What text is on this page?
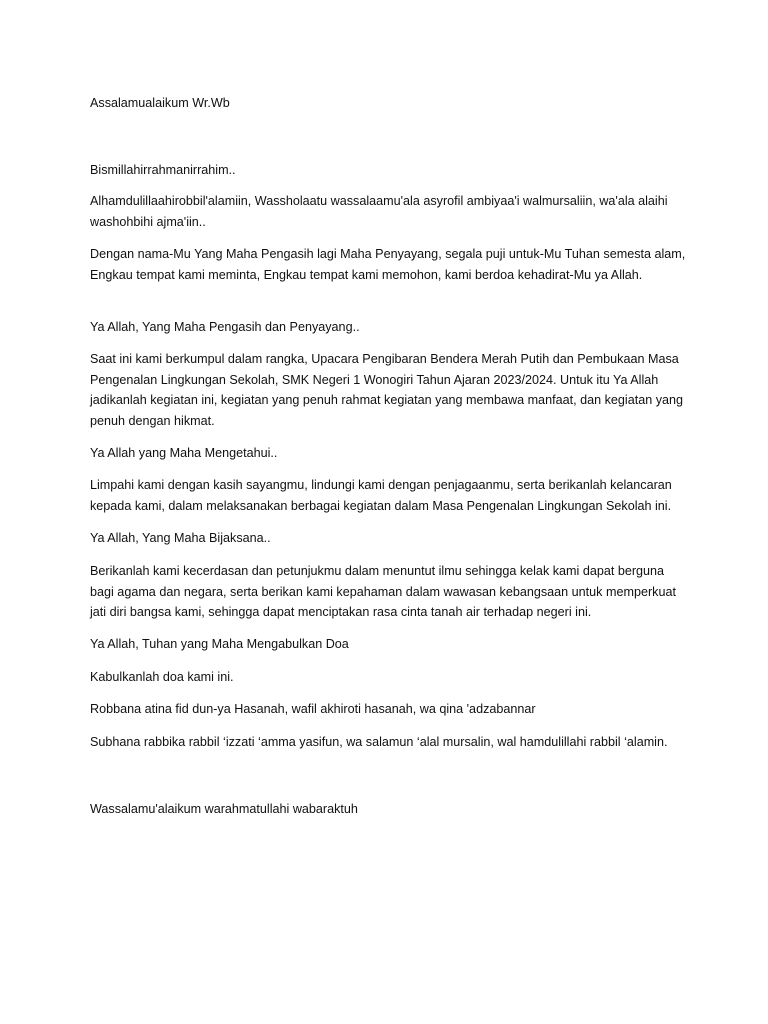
Assalamualaikum Wr.Wb

Bismillahirrahmanirrahim..

Alhamdulillaahirobbil'alamiin, Wassholaatu wassalaamu'ala asyrofil ambiyaa'i walmursaliin, wa'ala alaihi washohbihi ajma'iin..

Dengan nama-Mu Yang Maha Pengasih lagi Maha Penyayang, segala puji untuk-Mu Tuhan semesta alam, Engkau tempat kami meminta, Engkau tempat kami memohon, kami berdoa kehadirat-Mu ya Allah.

Ya Allah, Yang Maha Pengasih dan Penyayang..

Saat ini kami berkumpul dalam rangka, Upacara Pengibaran Bendera Merah Putih dan Pembukaan Masa Pengenalan Lingkungan Sekolah, SMK Negeri 1 Wonogiri Tahun Ajaran 2023/2024. Untuk itu Ya Allah jadikanlah kegiatan ini, kegiatan yang penuh rahmat kegiatan yang membawa manfaat, dan kegiatan yang penuh dengan hikmat.

Ya Allah yang Maha Mengetahui..

Limpahi kami dengan kasih sayangmu, lindungi kami dengan penjagaanmu, serta berikanlah kelancaran kepada kami, dalam melaksanakan berbagai kegiatan dalam Masa Pengenalan Lingkungan Sekolah ini.

Ya Allah, Yang Maha Bijaksana..

Berikanlah kami kecerdasan dan petunjukmu dalam menuntut ilmu sehingga kelak kami dapat berguna bagi agama dan negara, serta berikan kami kepahaman dalam wawasan kebangsaan untuk memperkuat jati diri bangsa kami, sehingga dapat menciptakan rasa cinta tanah air terhadap negeri ini.

Ya Allah, Tuhan yang Maha Mengabulkan Doa

Kabulkanlah doa kami ini.

Robbana atina fid dun-ya Hasanah, wafil akhiroti hasanah, wa qina 'adzabannar

Subhana rabbika rabbil ‘izzati ‘amma yasifun, wa salamun ‘alal mursalin, wal hamdulillahi rabbil ‘alamin.

Wassalamu'alaikum warahmatullahi wabaraktuh
